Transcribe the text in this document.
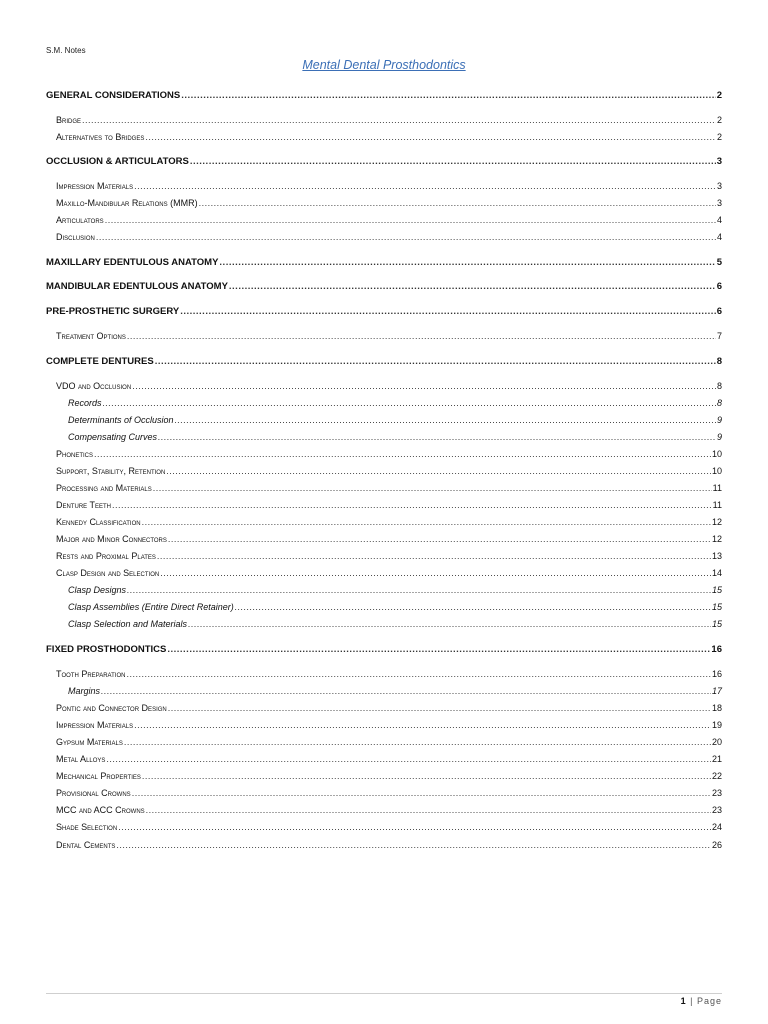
S.M. Notes
Mental Dental Prosthodontics
GENERAL CONSIDERATIONS .....	2
Bridge .....	2
Alternatives to Bridges .....	2
OCCLUSION & ARTICULATORS .....	3
Impression Materials .....	3
Maxillo-Mandibular Relations (MMR) .....	3
Articulators .....	4
Disclusion .....	4
MAXILLARY EDENTULOUS ANATOMY .....	5
MANDIBULAR EDENTULOUS ANATOMY .....	6
PRE-PROSTHETIC SURGERY .....	6
Treatment Options .....	7
COMPLETE DENTURES .....	8
VDO and Occlusion .....	8
Records .....	8
Determinants of Occlusion .....	9
Compensating Curves .....	9
Phonetics .....	10
Support, Stability, Retention .....	10
Processing and Materials .....	11
Denture Teeth .....	11
Kennedy Classification .....	12
Major and Minor Connectors .....	12
Rests and Proximal Plates .....	13
Clasp Design and Selection .....	14
Clasp Designs .....	15
Clasp Assemblies (Entire Direct Retainer) .....	15
Clasp Selection and Materials .....	15
FIXED PROSTHODONTICS .....	16
Tooth Preparation .....	16
Margins .....	17
Pontic and Connector Design .....	18
Impression Materials .....	19
Gypsum Materials .....	20
Metal Alloys .....	21
Mechanical Properties .....	22
Provisional Crowns .....	23
MCC and ACC Crowns .....	23
Shade Selection .....	24
Dental Cements .....	26
1 | Page
